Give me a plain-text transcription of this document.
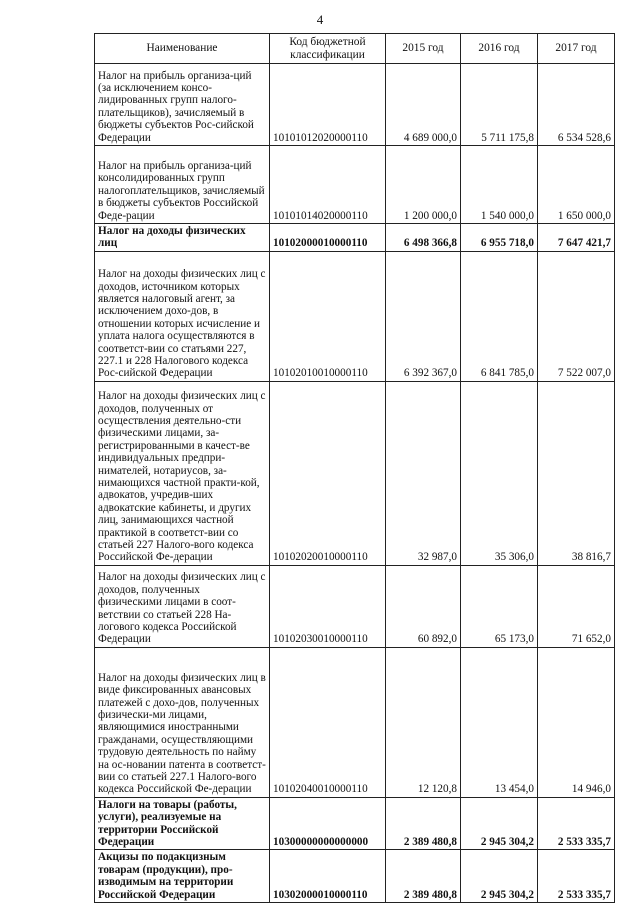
4
Наименование	Код бюджетной классификации	2015 год	2016 год	2017 год
Налог на прибыль организа-ций (за исключением консо-лидированных групп налого-плательщиков), зачисляемый в бюджеты субъектов Рос-сийской Федерации	10101012020000110	4 689 000,0	5 711 175,8	6 534 528,6
Налог на прибыль организа-ций консолидированных групп налогоплательщиков, зачисляемый в бюджеты субъектов Российской Феде-рации	10101014020000110	1 200 000,0	1 540 000,0	1 650 000,0
Налог на доходы физических лиц	10102000010000110	6 498 366,8	6 955 718,0	7 647 421,7
Налог на доходы физических лиц с доходов, источником которых является налоговый агент, за исключением дохо-дов, в отношении которых исчисление и уплата налога осуществляются в соответст-вии со статьями 227, 227.1 и 228 Налогового кодекса Рос-сийской Федерации	10102010010000110	6 392 367,0	6 841 785,0	7 522 007,0
Налог на доходы физических лиц с доходов, полученных от осуществления деятельно-сти физическими лицами, за-регистрированными в качест-ве индивидуальных предпри-нимателей, нотариусов, за-нимающихся частной практи-кой, адвокатов, учредив-ших адвокатские кабинеты, и других лиц, занимающихся частной практикой в соответст-вии со статьей 227 Налого-вого кодекса Российской Фе-дерации	10102020010000110	32 987,0	35 306,0	38 816,7
Налог на доходы физических лиц с доходов, полученных физическими лицами в соот-ветствии со статьей 228 На-логового кодекса Российской Федерации	10102030010000110	60 892,0	65 173,0	71 652,0
Налог на доходы физических лиц в виде фиксированных авансовых платежей с дохо-дов, полученных физически-ми лицами, являющимися иностранными гражданами, осуществляющими трудовую деятельность по найму на ос-новании патента в соответст-вии со статьей 227.1 Налого-вого кодекса Российской Фе-дерации	10102040010000110	12 120,8	13 454,0	14 946,0
Налоги на товары (работы, услуги), реализуемые на территории Российской Федерации	10300000000000000	2 389 480,8	2 945 304,2	2 533 335,7
Акцизы по подакцизным товарам (продукции), про-изводимым на территории Российской Федерации	10302000010000110	2 389 480,8	2 945 304,2	2 533 335,7
